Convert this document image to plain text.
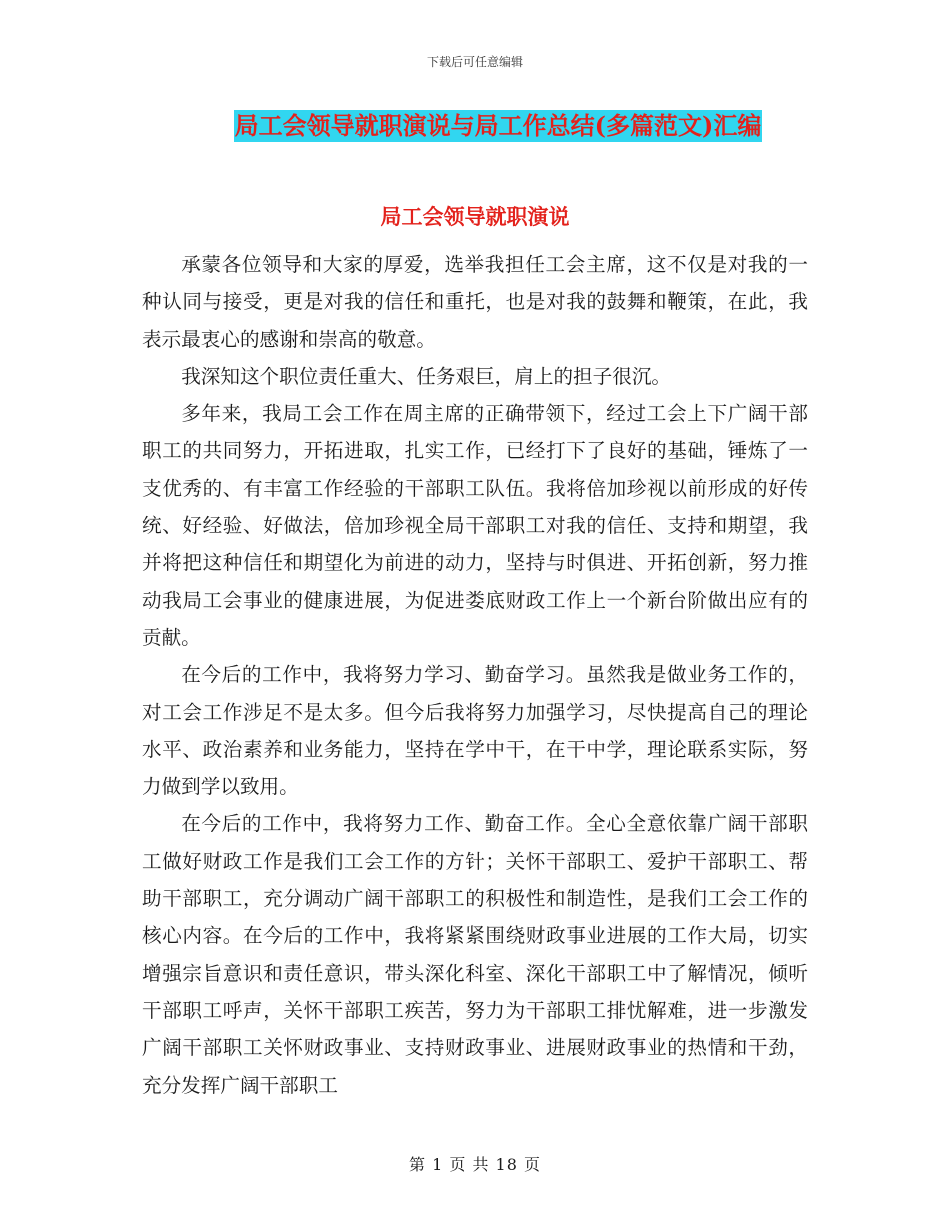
下载后可任意编辑
局工会领导就职演说与局工作总结(多篇范文)汇编
局工会领导就职演说

承蒙各位领导和大家的厚爱，选举我担任工会主席，这不仅是对我的一种认同与接受，更是对我的信任和重托，也是对我的鼓舞和鞭策，在此，我表示最衷心的感谢和崇高的敬意。

我深知这个职位责任重大、任务艰巨，肩上的担子很沉。

多年来，我局工会工作在周主席的正确带领下，经过工会上下广阔干部职工的共同努力，开拓进取，扎实工作，已经打下了良好的基础，锤炼了一支优秀的、有丰富工作经验的干部职工队伍。我将倍加珍视以前形成的好传统、好经验、好做法，倍加珍视全局干部职工对我的信任、支持和期望，我并将把这种信任和期望化为前进的动力，坚持与时俱进、开拓创新，努力推动我局工会事业的健康进展，为促进娄底财政工作上一个新台阶做出应有的贡献。

在今后的工作中，我将努力学习、勤奋学习。虽然我是做业务工作的，对工会工作涉足不是太多。但今后我将努力加强学习，尽快提高自己的理论水平、政治素养和业务能力，坚持在学中干，在干中学，理论联系实际，努力做到学以致用。

在今后的工作中，我将努力工作、勤奋工作。全心全意依靠广阔干部职工做好财政工作是我们工会工作的方针；关怀干部职工、爱护干部职工、帮助干部职工，充分调动广阔干部职工的积极性和制造性，是我们工会工作的核心内容。在今后的工作中，我将紧紧围绕财政事业进展的工作大局，切实增强宗旨意识和责任意识，带头深化科室、深化干部职工中了解情况，倾听干部职工呼声，关怀干部职工疾苦，努力为干部职工排忧解难，进一步激发广阔干部职工关怀财政事业、支持财政事业、进展财政事业的热情和干劲，充分发挥广阔干部职工

第 1 页 共 18 页
